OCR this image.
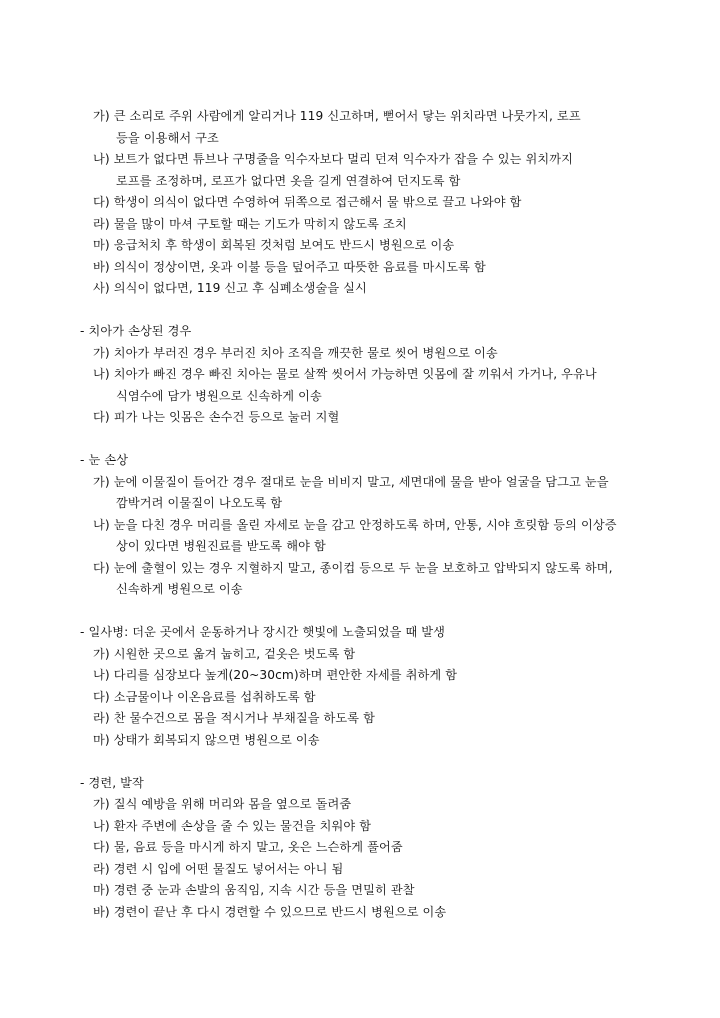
가) 큰 소리로 주위 사람에게 알리거나 119 신고하며, 뻗어서 닿는 위치라면 나뭇가지, 로프
등을 이용해서 구조
나) 보트가 없다면 튜브나 구명줄을 익수자보다 멀리 던져 익수자가 잡을 수 있는 위치까지
로프를 조정하며, 로프가 없다면 옷을 길게 연결하여 던지도록 함
다) 학생이 의식이 없다면 수영하여 뒤쪽으로 접근해서 물 밖으로 끌고 나와야 함
라) 물을 많이 마셔 구토할 때는 기도가 막히지 않도록 조치
마) 응급처치 후 학생이 회복된 것처럼 보여도 반드시 병원으로 이송
바) 의식이 정상이면, 옷과 이불 등을 덮어주고 따뜻한 음료를 마시도록 함
사) 의식이 없다면, 119 신고 후 심폐소생술을 실시
- 치아가 손상된 경우
가) 치아가 부러진 경우 부러진 치아 조직을 깨끗한 물로 씻어 병원으로 이송
나) 치아가 빠진 경우 빠진 치아는 물로 살짝 씻어서 가능하면 잇몸에 잘 끼워서 가거나, 우유나
식염수에 담가 병원으로 신속하게 이송
다) 피가 나는 잇몸은 손수건 등으로 눌러 지혈
- 눈 손상
가) 눈에 이물질이 들어간 경우 절대로 눈을 비비지 말고, 세면대에 물을 받아 얼굴을 담그고 눈을
깜박거려 이물질이 나오도록 함
나) 눈을 다친 경우 머리를 올린 자세로 눈을 감고 안정하도록 하며, 안통, 시야 흐릿함 등의 이상증
상이 있다면 병원진료를 받도록 해야 함
다) 눈에 출혈이 있는 경우 지혈하지 말고, 종이컵 등으로 두 눈을 보호하고 압박되지 않도록 하며,
신속하게 병원으로 이송
- 일사병: 더운 곳에서 운동하거나 장시간 햇빛에 노출되었을 때 발생
가) 시원한 곳으로 옮겨 눕히고, 겉옷은 벗도록 함
나) 다리를 심장보다 높게(20~30cm)하며 편안한 자세를 취하게 함
다) 소금물이나 이온음료를 섭취하도록 함
라) 찬 물수건으로 몸을 적시거나 부채질을 하도록 함
마) 상태가 회복되지 않으면 병원으로 이송
- 경련, 발작
가) 질식 예방을 위해 머리와 몸을 옆으로 돌려줌
나) 환자 주변에 손상을 줄 수 있는 물건을 치워야 함
다) 물, 음료 등을 마시게 하지 말고, 옷은 느슨하게 풀어줌
라) 경련 시 입에 어떤 물질도 넣어서는 아니 됨
마) 경련 중 눈과 손발의 움직임, 지속 시간 등을 면밀히 관찰
바) 경련이 끝난 후 다시 경련할 수 있으므로 반드시 병원으로 이송
